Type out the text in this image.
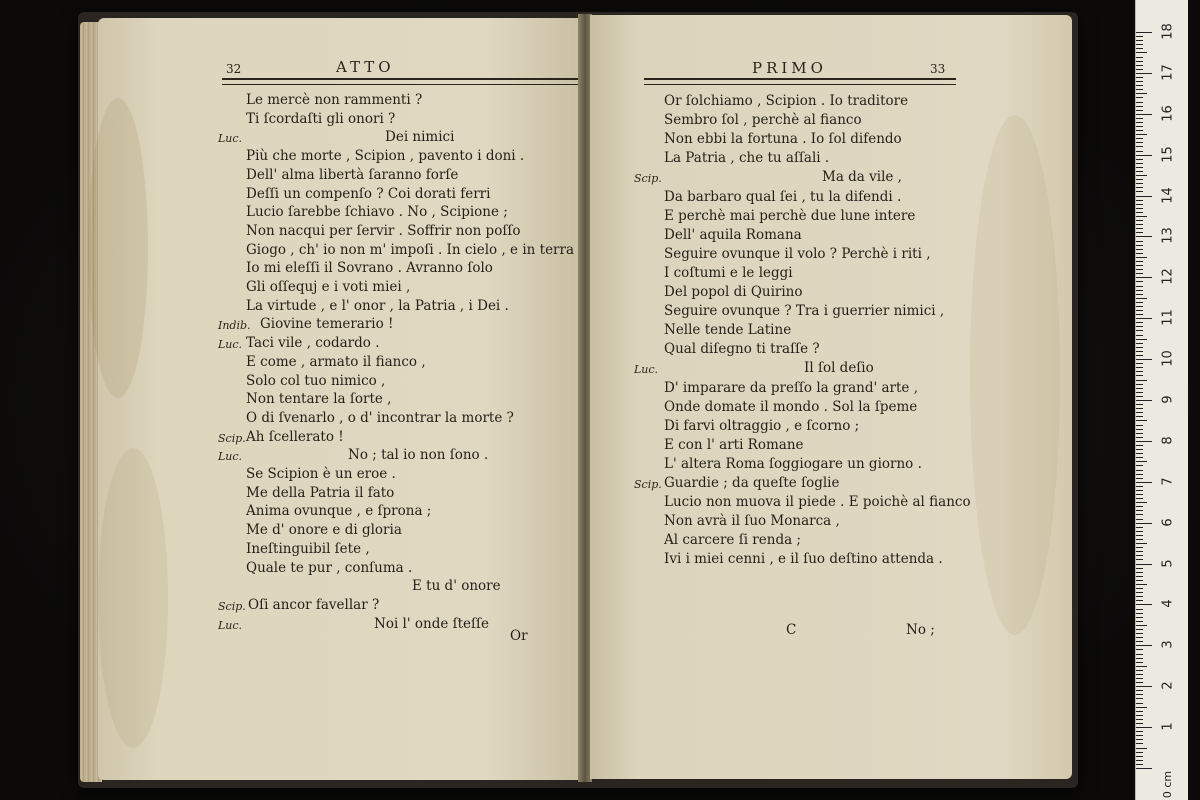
32	ATTO
Le mercè non rammenti ?
Ti ſcordaſti gli onori ?
Luc.	Dei nimici
Più che morte , Scipion , pavento i doni .
Dell' alma libertà ſaranno forſe
Deſſi un compenſo ? Coi dorati ferri
Lucio ſarebbe ſchiavo . No , Scipione ;
Non nacqui per ſervir . Soffrir non poſſo
Giogo , ch' io non m' impoſi . In cielo , e in terra
Io mi eleſſi il Sovrano . Avranno ſolo
Gli oſſequj e i voti miei ,
La virtude , e l' onor , la Patria , i Dei .
Indib. Giovine temerario !
Luc. Taci vile , codardo .
E come , armato il fianco ,
Solo col tuo nimico ,
Non tentare la ſorte ,
O di ſvenarlo , o d' incontrar la morte ?
Scip. Ah ſcellerato !
Luc.	No ; tal io non ſono .
Se Scipion è un eroe .
Me della Patria il fato
Anima ovunque , e ſprona ;
Me d' onore e di gloria
Ineſtinguibil ſete ,
Quale te pur , conſuma .
E tu d' onore
Scip. Oſi ancor favellar ?
Luc.	Noi l' onde ſteſſe
Or
PRIMO	33
Or ſolchiamo , Scipion . Io traditore
Sembro ſol , perchè al fianco
Non ebbi la fortuna . Io ſol difendo
La Patria , che tu aſſali .
Scip.	Ma da vile ,
Da barbaro qual ſei , tu la difendi .
E perchè mai perchè due lune intere
Dell' aquila Romana
Seguire ovunque il volo ? Perchè i riti ,
I coſtumi e le leggi
Del popol di Quirino
Seguire ovunque ? Tra i guerrier nimici ,
Nelle tende Latine
Qual diſegno ti traſſe ?
Luc.	Il ſol deſio
D' imparare da preſſo la grand' arte ,
Onde domate il mondo . Sol la ſpeme
Di farvi oltraggio , e ſcorno ;
E con l' arti Romane
L' altera Roma ſoggiogare un giorno .
Scip. Guardie ; da queſte ſoglie
Lucio non muova il piede . E poichè al fianco
Non avrà il ſuo Monarca ,
Al carcere ſi renda ;
Ivi i miei cenni , e il ſuo deſtino attenda .
C	No ;
1
2
3
4
5
6
7
8
9
10
11
12
13
14
15
16
17
18
0 cm
